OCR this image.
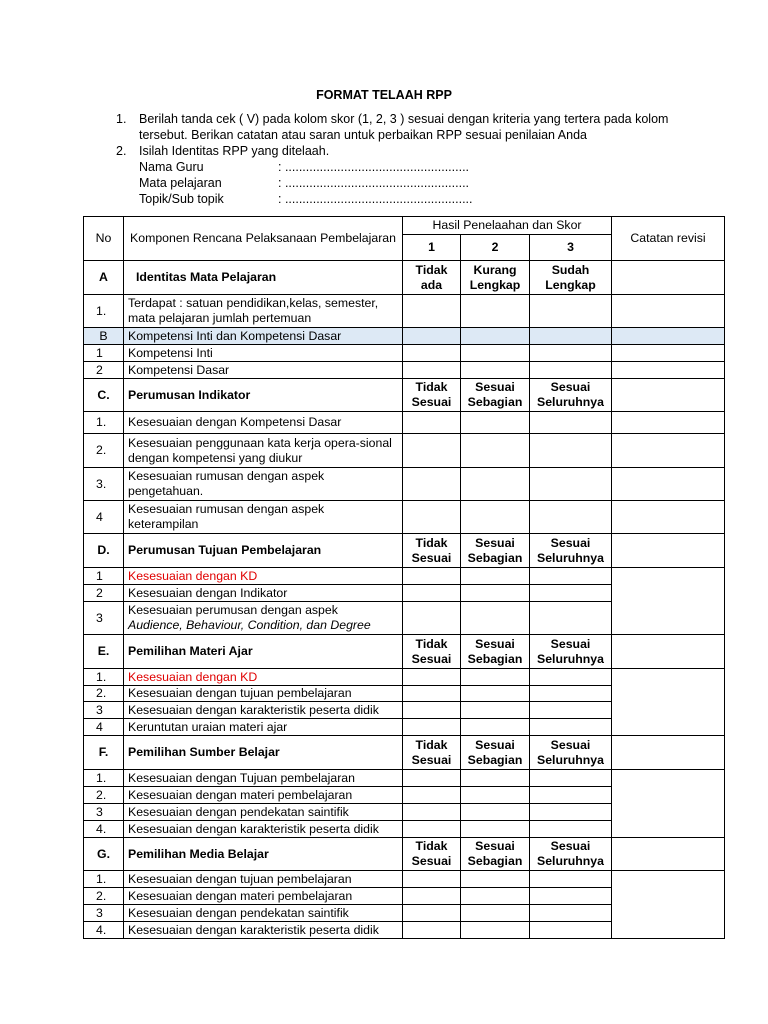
FORMAT TELAAH RPP
1.	Berilah tanda cek ( V) pada kolom skor (1, 2, 3 ) sesuai dengan kriteria yang tertera pada kolom tersebut. Berikan catatan atau saran untuk perbaikan RPP sesuai penilaian Anda
2.	Isilah Identitas RPP yang ditelaah.
Nama Guru	: .....................................................
Mata pelajaran	: .....................................................
Topik/Sub topik	: ......................................................
No	Komponen Rencana Pelaksanaan Pembelajaran	Hasil Penelaahan dan Skor			Catatan revisi
		1	2	3	
A	Identitas Mata Pelajaran	Tidak ada	Kurang Lengkap	Sudah Lengkap	
1.	Terdapat : satuan pendidikan,kelas, semester, mata pelajaran jumlah pertemuan				
B	Kompetensi Inti dan Kompetensi Dasar				
1	Kompetensi Inti				
2	Kompetensi Dasar				
C.	Perumusan Indikator	Tidak Sesuai	Sesuai Sebagian	Sesuai Seluruhnya	
1.	Kesesuaian dengan Kompetensi Dasar				
2.	Kesesuaian penggunaan kata kerja opera-sional dengan kompetensi yang diukur				
3.	Kesesuaian rumusan dengan aspek pengetahuan.				
4	Kesesuaian rumusan dengan aspek keterampilan				
D.	Perumusan Tujuan Pembelajaran	Tidak Sesuai	Sesuai Sebagian	Sesuai Seluruhnya	
1	Kesesuaian dengan KD				
2	Kesesuaian dengan Indikator				
3	Kesesuaian perumusan dengan aspek
Audience, Behaviour, Condition, dan Degree				
E.	Pemilihan Materi Ajar	Tidak Sesuai	Sesuai Sebagian	Sesuai Seluruhnya	
1.	Kesesuaian dengan KD				
2.	Kesesuaian dengan tujuan pembelajaran				
3	Kesesuaian dengan karakteristik peserta didik				
4	Keruntutan uraian materi ajar				
F.	Pemilihan Sumber Belajar	Tidak Sesuai	Sesuai Sebagian	Sesuai Seluruhnya	
1.	Kesesuaian dengan Tujuan pembelajaran				
2.	Kesesuaian dengan materi pembelajaran				
3	Kesesuaian dengan pendekatan saintifik				
4.	Kesesuaian dengan karakteristik peserta didik				
G.	Pemilihan Media Belajar	Tidak Sesuai	Sesuai Sebagian	Sesuai Seluruhnya	
1.	Kesesuaian dengan tujuan pembelajaran				
2.	Kesesuaian dengan materi pembelajaran				
3	Kesesuaian dengan pendekatan saintifik				
4.	Kesesuaian dengan karakteristik peserta didik				
